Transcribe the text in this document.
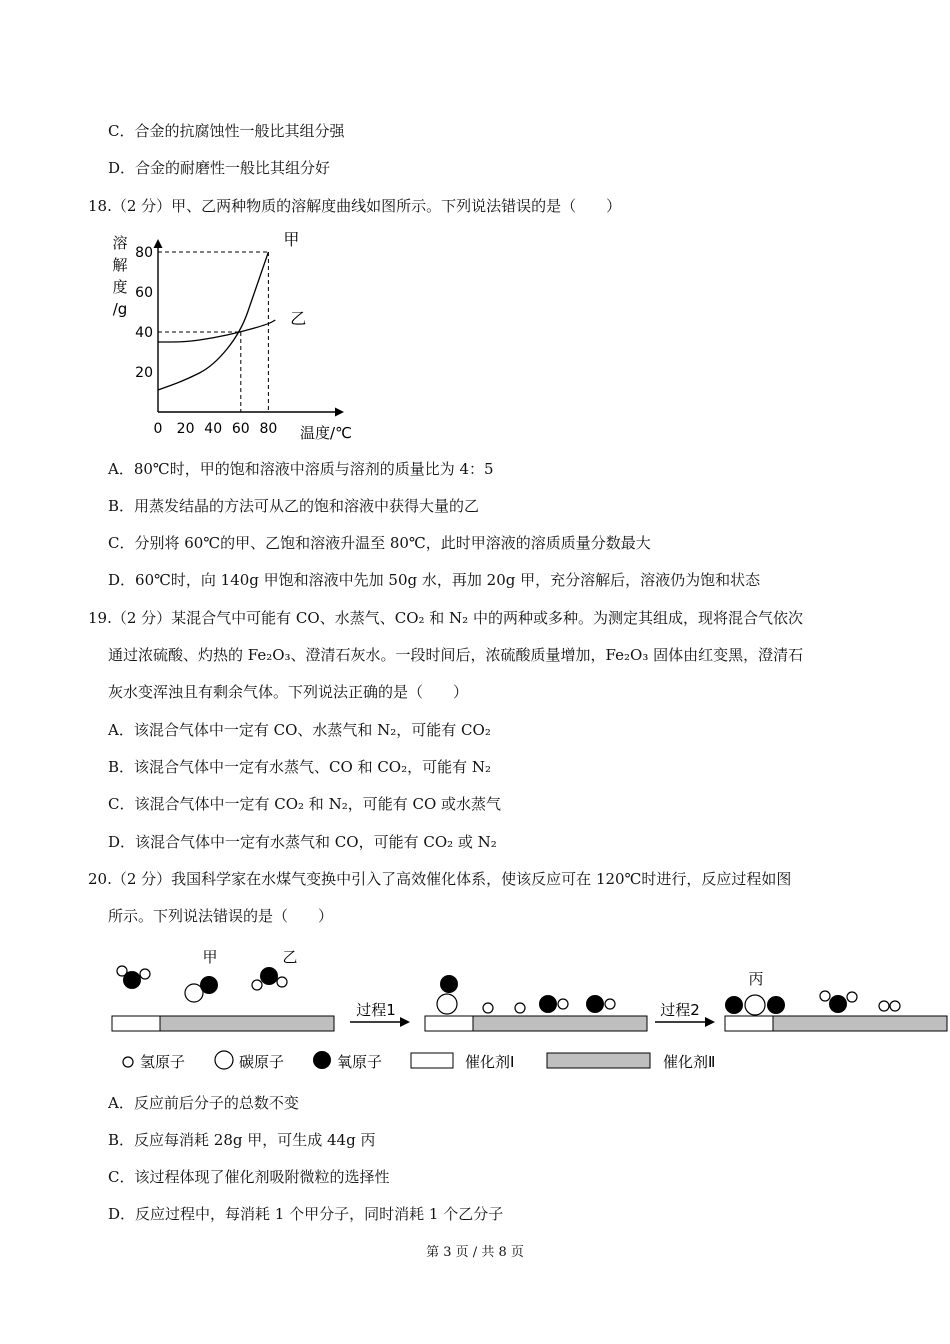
C．合金的抗腐蚀性一般比其组分强
D．合金的耐磨性一般比其组分好
18.（2 分）甲、乙两种物质的溶解度曲线如图所示。下列说法错误的是（　　）
溶
解
度
/g
温度/℃
0 20 40 60 80
20
40
60
80
甲
乙
A．80℃时，甲的饱和溶液中溶质与溶剂的质量比为 4：5
B．用蒸发结晶的方法可从乙的饱和溶液中获得大量的乙
C．分别将 60℃的甲、乙饱和溶液升温至 80℃，此时甲溶液的溶质质量分数最大
D．60℃时，向 140g 甲饱和溶液中先加 50g 水，再加 20g 甲，充分溶解后，溶液仍为饱和状态
19.（2 分）某混合气中可能有 CO、水蒸气、CO₂ 和 N₂ 中的两种或多种。为测定其组成，现将混合气依次
通过浓硫酸、灼热的 Fe₂O₃、澄清石灰水。一段时间后，浓硫酸质量增加，Fe₂O₃ 固体由红变黑，澄清石
灰水变浑浊且有剩余气体。下列说法正确的是（　　）
A．该混合气体中一定有 CO、水蒸气和 N₂，可能有 CO₂
B．该混合气体中一定有水蒸气、CO 和 CO₂，可能有 N₂
C．该混合气体中一定有 CO₂ 和 N₂，可能有 CO 或水蒸气
D．该混合气体中一定有水蒸气和 CO，可能有 CO₂ 或 N₂
20.（2 分）我国科学家在水煤气变换中引入了高效催化体系，使该反应可在 120℃时进行，反应过程如图
所示。下列说法错误的是（　　）
甲	乙
过程1	过程2
丙
氢原子	碳原子	氧原子	催化剂Ⅰ	催化剂Ⅱ
A．反应前后分子的总数不变
B．反应每消耗 28g 甲，可生成 44g 丙
C．该过程体现了催化剂吸附微粒的选择性
D．反应过程中，每消耗 1 个甲分子，同时消耗 1 个乙分子
第 3 页 / 共 8 页
